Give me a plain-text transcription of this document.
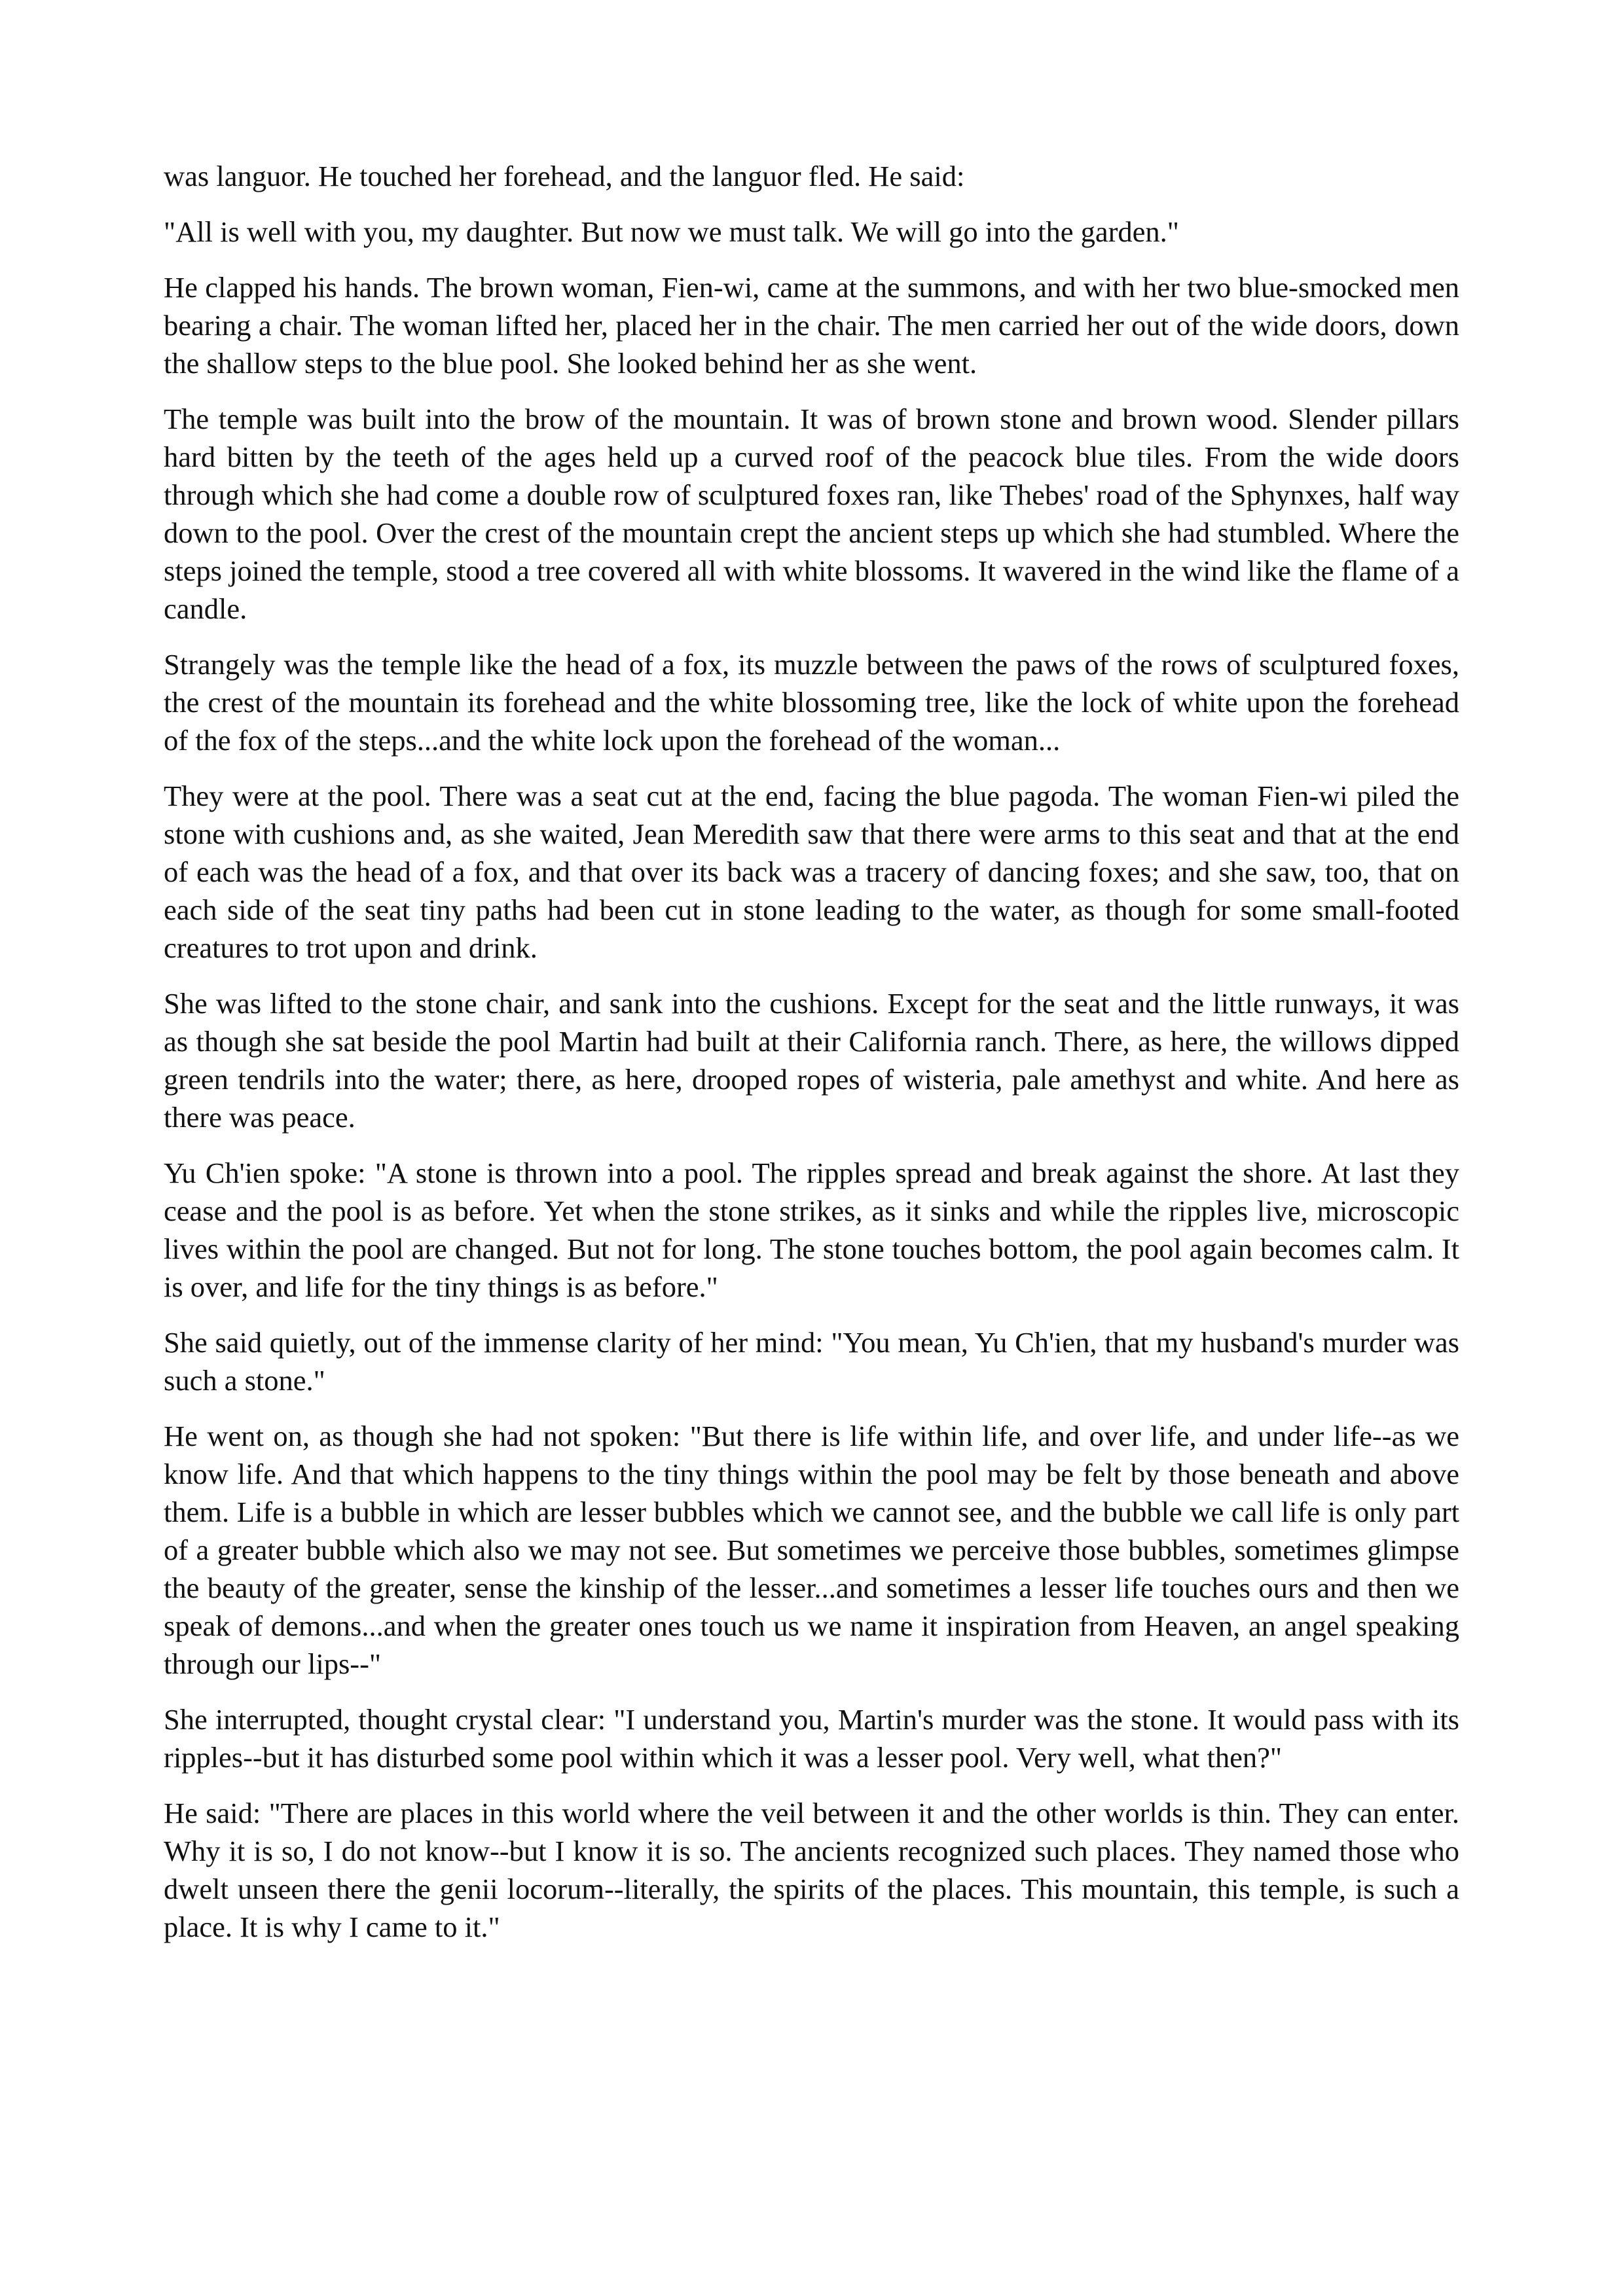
was languor. He touched her forehead, and the languor fled. He said:

"All is well with you, my daughter. But now we must talk. We will go into the garden."

He clapped his hands. The brown woman, Fien-wi, came at the summons, and with her two blue-smocked men bearing a chair. The woman lifted her, placed her in the chair. The men carried her out of the wide doors, down the shallow steps to the blue pool. She looked behind her as she went.

The temple was built into the brow of the mountain. It was of brown stone and brown wood. Slender pillars hard bitten by the teeth of the ages held up a curved roof of the peacock blue tiles. From the wide doors through which she had come a double row of sculptured foxes ran, like Thebes' road of the Sphynxes, half way down to the pool. Over the crest of the mountain crept the ancient steps up which she had stumbled. Where the steps joined the temple, stood a tree covered all with white blossoms. It wavered in the wind like the flame of a candle.

Strangely was the temple like the head of a fox, its muzzle between the paws of the rows of sculptured foxes, the crest of the mountain its forehead and the white blossoming tree, like the lock of white upon the forehead of the fox of the steps...and the white lock upon the forehead of the woman...

They were at the pool. There was a seat cut at the end, facing the blue pagoda. The woman Fien-wi piled the stone with cushions and, as she waited, Jean Meredith saw that there were arms to this seat and that at the end of each was the head of a fox, and that over its back was a tracery of dancing foxes; and she saw, too, that on each side of the seat tiny paths had been cut in stone leading to the water, as though for some small-footed creatures to trot upon and drink.

She was lifted to the stone chair, and sank into the cushions. Except for the seat and the little runways, it was as though she sat beside the pool Martin had built at their California ranch. There, as here, the willows dipped green tendrils into the water; there, as here, drooped ropes of wisteria, pale amethyst and white. And here as there was peace.

Yu Ch'ien spoke: "A stone is thrown into a pool. The ripples spread and break against the shore. At last they cease and the pool is as before. Yet when the stone strikes, as it sinks and while the ripples live, microscopic lives within the pool are changed. But not for long. The stone touches bottom, the pool again becomes calm. It is over, and life for the tiny things is as before."

She said quietly, out of the immense clarity of her mind: "You mean, Yu Ch'ien, that my husband's murder was such a stone."

He went on, as though she had not spoken: "But there is life within life, and over life, and under life--as we know life. And that which happens to the tiny things within the pool may be felt by those beneath and above them. Life is a bubble in which are lesser bubbles which we cannot see, and the bubble we call life is only part of a greater bubble which also we may not see. But sometimes we perceive those bubbles, sometimes glimpse the beauty of the greater, sense the kinship of the lesser...and sometimes a lesser life touches ours and then we speak of demons...and when the greater ones touch us we name it inspiration from Heaven, an angel speaking through our lips--"

She interrupted, thought crystal clear: "I understand you, Martin's murder was the stone. It would pass with its ripples--but it has disturbed some pool within which it was a lesser pool. Very well, what then?"

He said: "There are places in this world where the veil between it and the other worlds is thin. They can enter. Why it is so, I do not know--but I know it is so. The ancients recognized such places. They named those who dwelt unseen there the genii locorum--literally, the spirits of the places. This mountain, this temple, is such a place. It is why I came to it."
